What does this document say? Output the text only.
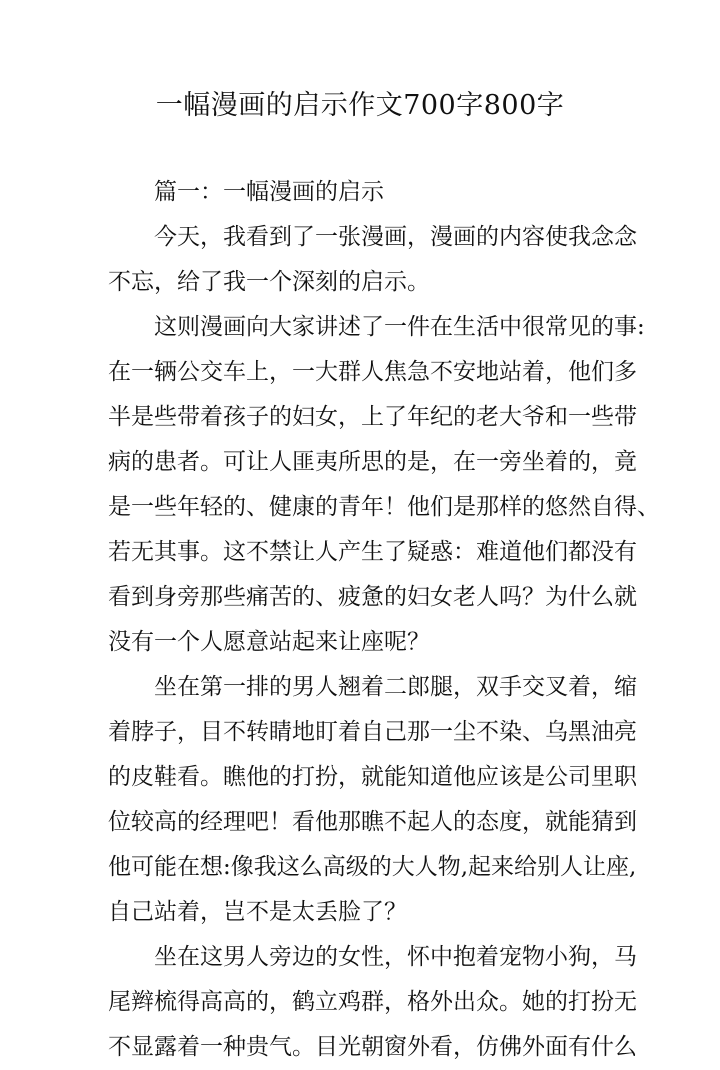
一幅漫画的启示作文700字800字
篇一：一幅漫画的启示
今天，我看到了一张漫画，漫画的内容使我念念
不忘，给了我一个深刻的启示。
这则漫画向大家讲述了一件在生活中很常见的事:
在一辆公交车上，一大群人焦急不安地站着，他们多
半是些带着孩子的妇女，上了年纪的老大爷和一些带
病的患者。可让人匪夷所思的是，在一旁坐着的，竟
是一些年轻的、健康的青年！他们是那样的悠然自得、
若无其事。这不禁让人产生了疑惑：难道他们都没有
看到身旁那些痛苦的、疲惫的妇女老人吗？为什么就
没有一个人愿意站起来让座呢？
坐在第一排的男人翘着二郎腿，双手交叉着，缩
着脖子，目不转睛地盯着自己那一尘不染、乌黑油亮
的皮鞋看。瞧他的打扮，就能知道他应该是公司里职
位较高的经理吧！看他那瞧不起人的态度，就能猜到
他可能在想:像我这么高级的大人物,起来给别人让座,
自己站着，岂不是太丢脸了？
坐在这男人旁边的女性，怀中抱着宠物小狗，马
尾辫梳得高高的，鹤立鸡群，格外出众。她的打扮无
不显露着一种贵气。目光朝窗外看，仿佛外面有什么
